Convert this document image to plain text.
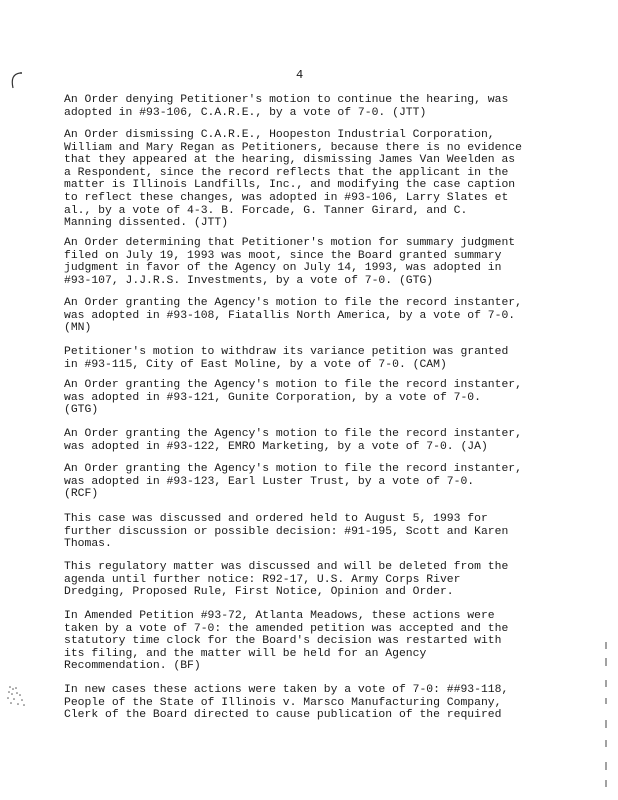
4
An Order denying Petitioner's motion to continue the hearing, was
adopted in #93-106, C.A.R.E., by a vote of 7-0. (JTT)
An Order dismissing C.A.R.E., Hoopeston Industrial Corporation,
William and Mary Regan as Petitioners, because there is no evidence
that they appeared at the hearing, dismissing James Van Weelden as
a Respondent, since the record reflects that the applicant in the
matter is Illinois Landfills, Inc., and modifying the case caption
to reflect these changes, was adopted in #93-106, Larry Slates et
al., by a vote of 4-3. B. Forcade, G. Tanner Girard, and C.
Manning dissented. (JTT)
An Order determining that Petitioner's motion for summary judgment
filed on July 19, 1993 was moot, since the Board granted summary
judgment in favor of the Agency on July 14, 1993, was adopted in
#93-107, J.J.R.S. Investments, by a vote of 7-0. (GTG)
An Order granting the Agency's motion to file the record instanter,
was adopted in #93-108, Fiatallis North America, by a vote of 7-0.
(MN)
Petitioner's motion to withdraw its variance petition was granted
in #93-115, City of East Moline, by a vote of 7-0. (CAM)
An Order granting the Agency's motion to file the record instanter,
was adopted in #93-121, Gunite Corporation, by a vote of 7-0.
(GTG)
An Order granting the Agency's motion to file the record instanter,
was adopted in #93-122, EMRO Marketing, by a vote of 7-0. (JA)
An Order granting the Agency's motion to file the record instanter,
was adopted in #93-123, Earl Luster Trust, by a vote of 7-0.
(RCF)
This case was discussed and ordered held to August 5, 1993 for
further discussion or possible decision: #91-195, Scott and Karen
Thomas.
This regulatory matter was discussed and will be deleted from the
agenda until further notice: R92-17, U.S. Army Corps River
Dredging, Proposed Rule, First Notice, Opinion and Order.
In Amended Petition #93-72, Atlanta Meadows, these actions were
taken by a vote of 7-0: the amended petition was accepted and the
statutory time clock for the Board's decision was restarted with
its filing, and the matter will be held for an Agency
Recommendation. (BF)
In new cases these actions were taken by a vote of 7-0: ##93-118,
People of the State of Illinois v. Marsco Manufacturing Company,
Clerk of the Board directed to cause publication of the required
